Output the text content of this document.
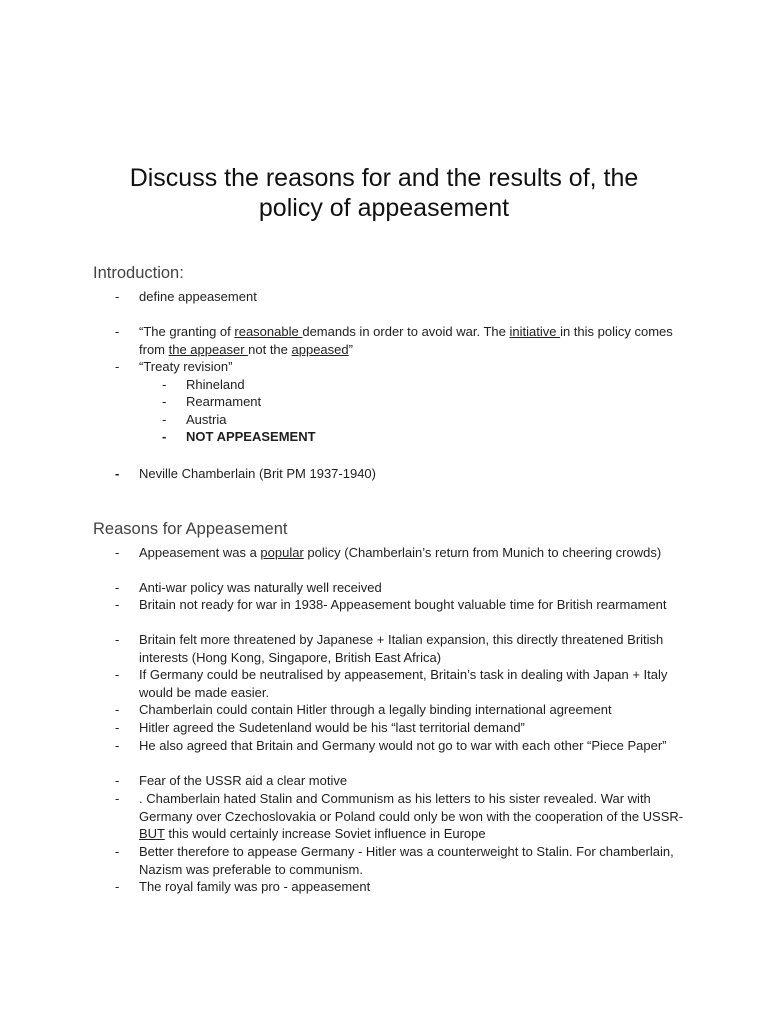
Discuss the reasons for and the results of, the
policy of appeasement
Introduction:
- define appeasement
- “The granting of reasonable demands in order to avoid war. The initiative in this policy comes from the appeaser not the appeased”
- “Treaty revision”
- Rhineland
- Rearmament
- Austria
- NOT APPEASEMENT
- Neville Chamberlain (Brit PM 1937-1940)
Reasons for Appeasement
- Appeasement was a popular policy (Chamberlain’s return from Munich to cheering crowds)
- Anti-war policy was naturally well received
- Britain not ready for war in 1938- Appeasement bought valuable time for British rearmament
- Britain felt more threatened by Japanese + Italian expansion, this directly threatened British interests (Hong Kong, Singapore, British East Africa)
- If Germany could be neutralised by appeasement, Britain’s task in dealing with Japan + Italy would be made easier.
- Chamberlain could contain Hitler through a legally binding international agreement
- Hitler agreed the Sudetenland would be his “last territorial demand”
- He also agreed that Britain and Germany would not go to war with each other “Piece Paper”
- Fear of the USSR aid a clear motive
- . Chamberlain hated Stalin and Communism as his letters to his sister revealed. War with Germany over Czechoslovakia or Poland could only be won with the cooperation of the USSR- BUT this would certainly increase Soviet influence in Europe
- Better therefore to appease Germany - Hitler was a counterweight to Stalin. For chamberlain, Nazism was preferable to communism.
- The royal family was pro - appeasement
